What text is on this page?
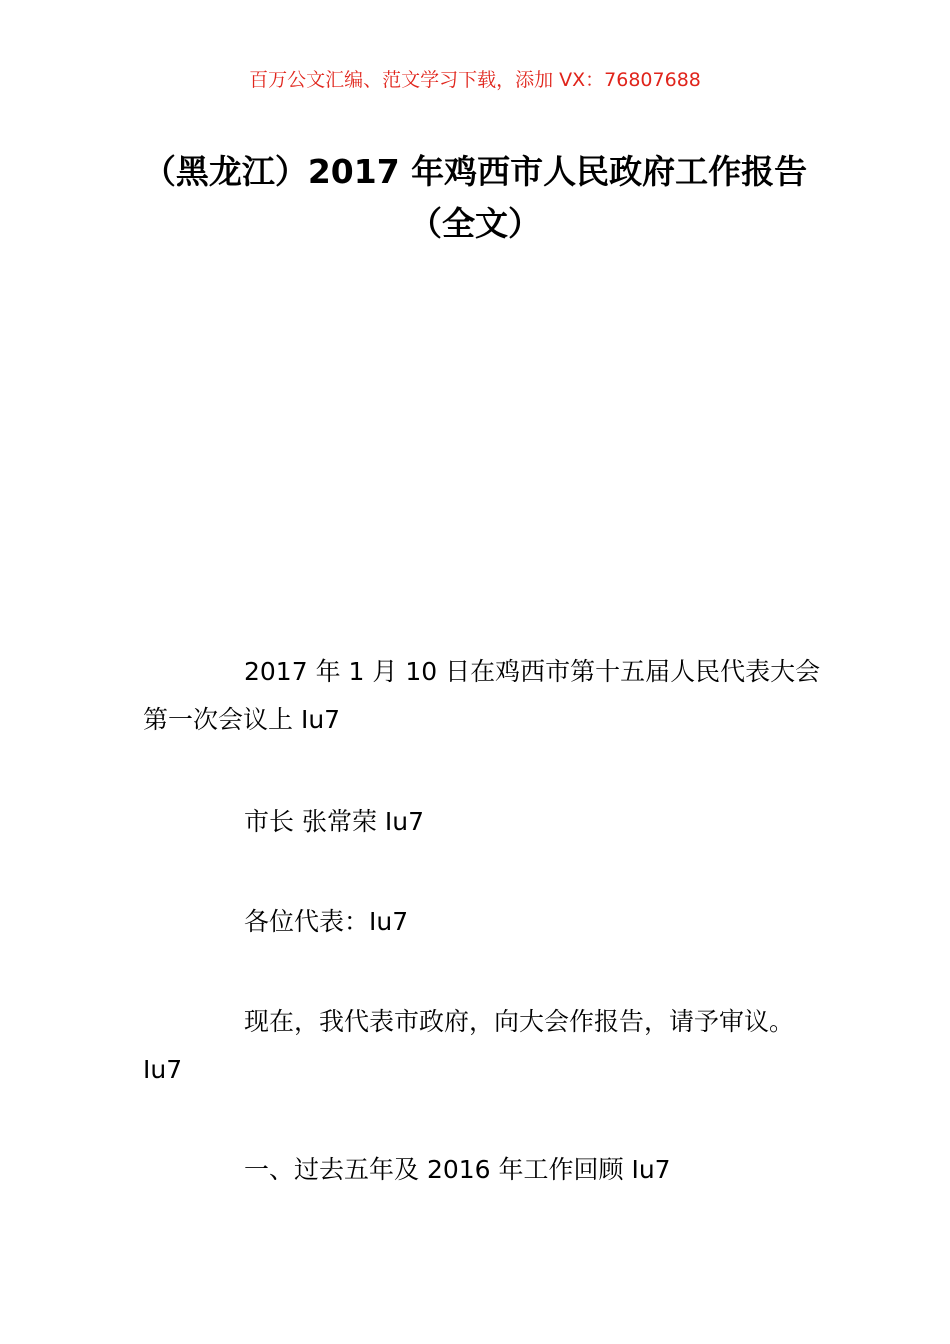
百万公文汇编、范文学习下载，添加 VX：76807688
（黑龙江）2017 年鸡西市人民政府工作报告（全文）
2017 年 1 月 10 日在鸡西市第十五届人民代表大会第一次会议上 Iu7
市长 张常荣 Iu7
各位代表：Iu7
现在，我代表市政府，向大会作报告，请予审议。Iu7
一、过去五年及 2016 年工作回顾 Iu7
